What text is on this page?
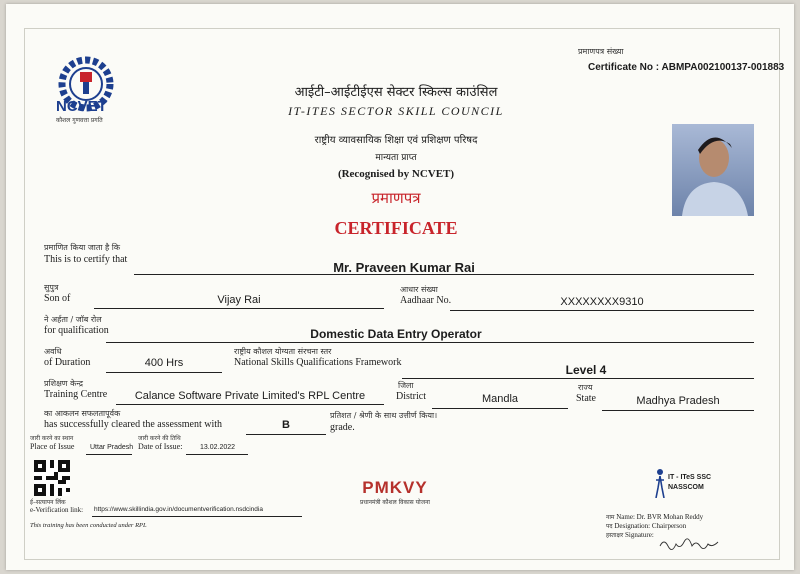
प्रमाणपत्र संख्या
Certificate No : ABMPA002100137-001883
NCVET
कौशल गुणवत्ता प्रगति
आईटी–आईटीईएस सेक्टर स्किल्स काउंसिल
IT-ITES SECTOR SKILL COUNCIL
राष्ट्रीय व्यावसायिक शिक्षा एवं प्रशिक्षण परिषद
मान्यता प्राप्त
(Recognised by NCVET)
प्रमाणपत्र
CERTIFICATE
प्रमाणित किया जाता है कि
This is to certify that
Mr. Praveen Kumar Rai
सुपुत्र
Son of	Vijay Rai
आधार संख्या
Aadhaar No.	XXXXXXXX9310
ने अर्हता / जॉब रोल
for qualification	Domestic Data Entry Operator
अवधि
of Duration	400 Hrs
राष्ट्रीय कौशल योग्यता संरचना स्तर
National Skills Qualifications Framework
Level 4
प्रशिक्षण केन्द्र
Training Centre	Calance Software Private Limited's RPL Centre
जिला
District	Mandla
राज्य
State	Madhya Pradesh
का आकलन सफलतापूर्वक
has successfully cleared the assessment with	B
प्रतिशत / श्रेणी के साथ उत्तीर्ण किया।
grade.
जारी करने का स्थान
Place of Issue Uttar Pradesh
जारी करने की तिथि
Date of Issue:	13.02.2022
ई–सत्यापन लिंक
e-Verification link: https://www.skillindia.gov.in/documentverification.nsdcindia
This training has been conducted under RPL
PMKVY
प्रधानमंत्री कौशल विकास योजना
IT - ITeS SSC
NASSCOM
नाम Name: Dr. BVR Mohan Reddy
पद Designation: Chairperson
हस्ताक्षर Signature:
